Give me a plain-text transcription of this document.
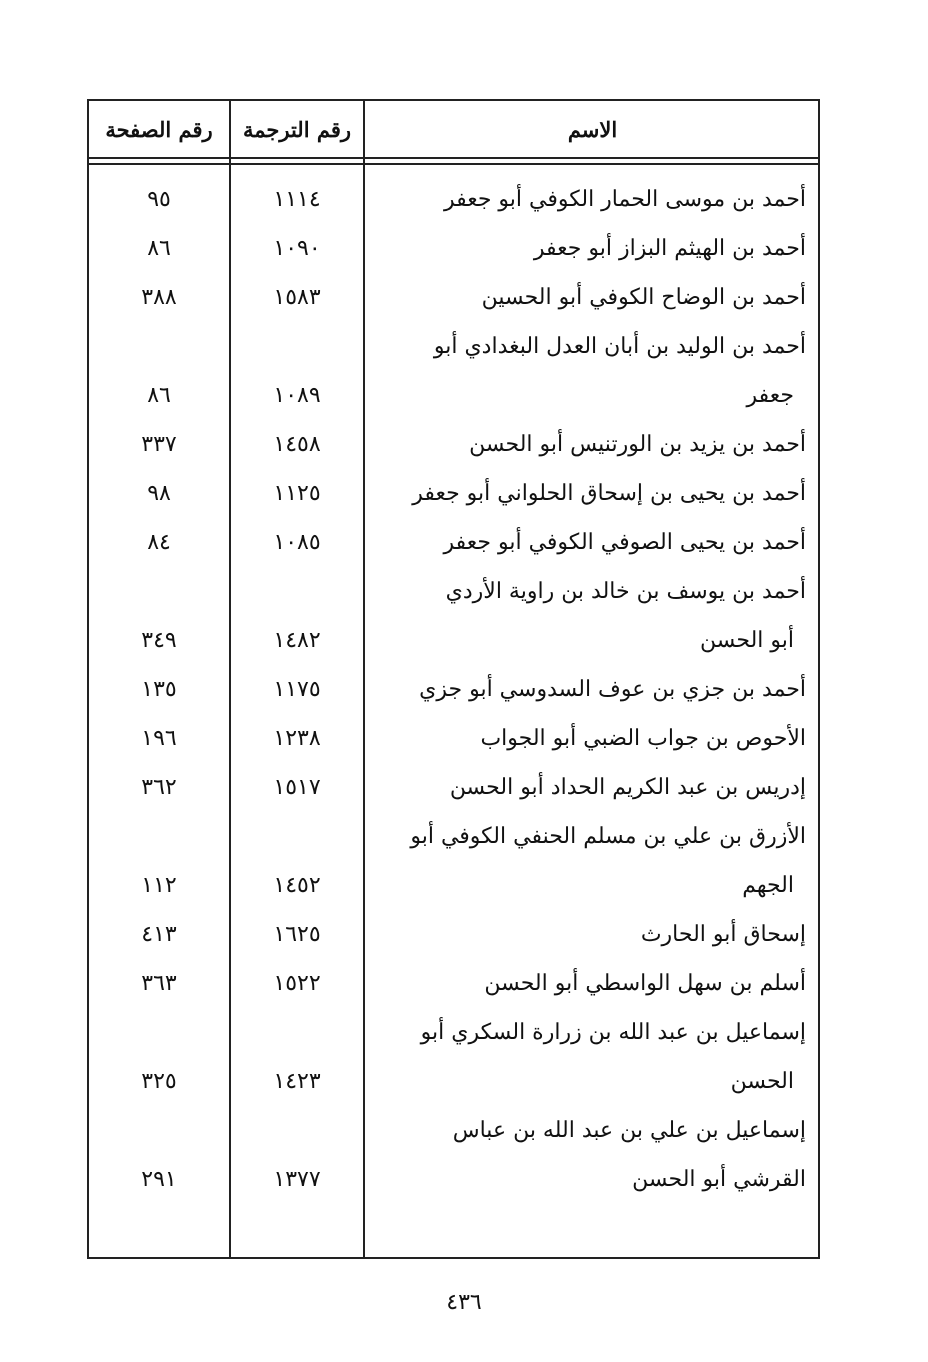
رقم الصفحة	رقم الترجمة	الاسم
٩٥	١١١٤	أحمد بن موسى الحمار الكوفي أبو جعفر
٨٦	١٠٩٠	أحمد بن الهيثم البزاز أبو جعفر
٣٨٨	١٥٨٣	أحمد بن الوضاح الكوفي أبو الحسين
أحمد بن الوليد بن أبان العدل البغدادي أبو
٨٦	١٠٨٩	جعفر
٣٣٧	١٤٥٨	أحمد بن يزيد بن الورتنيس أبو الحسن
٩٨	١١٢٥	أحمد بن يحيى بن إسحاق الحلواني أبو جعفر
٨٤	١٠٨٥	أحمد بن يحيى الصوفي الكوفي أبو جعفر
أحمد بن يوسف بن خالد بن راوية الأردي
٣٤٩	١٤٨٢	أبو الحسن
١٣٥	١١٧٥	أحمد بن جزي بن عوف السدوسي أبو جزي
١٩٦	١٢٣٨	الأحوص بن جواب الضبي أبو الجواب
٣٦٢	١٥١٧	إدريس بن عبد الكريم الحداد أبو الحسن
الأزرق بن علي بن مسلم الحنفي الكوفي أبو
١١٢	١٤٥٢	الجهم
٤١٣	١٦٢٥	إسحاق أبو الحارث
٣٦٣	١٥٢٢	أسلم بن سهل الواسطي أبو الحسن
إسماعيل بن عبد الله بن زرارة السكري أبو
٣٢٥	١٤٢٣	الحسن
إسماعيل بن علي بن عبد الله بن عباس
٢٩١	١٣٧٧	القرشي أبو الحسن
٤٣٦
